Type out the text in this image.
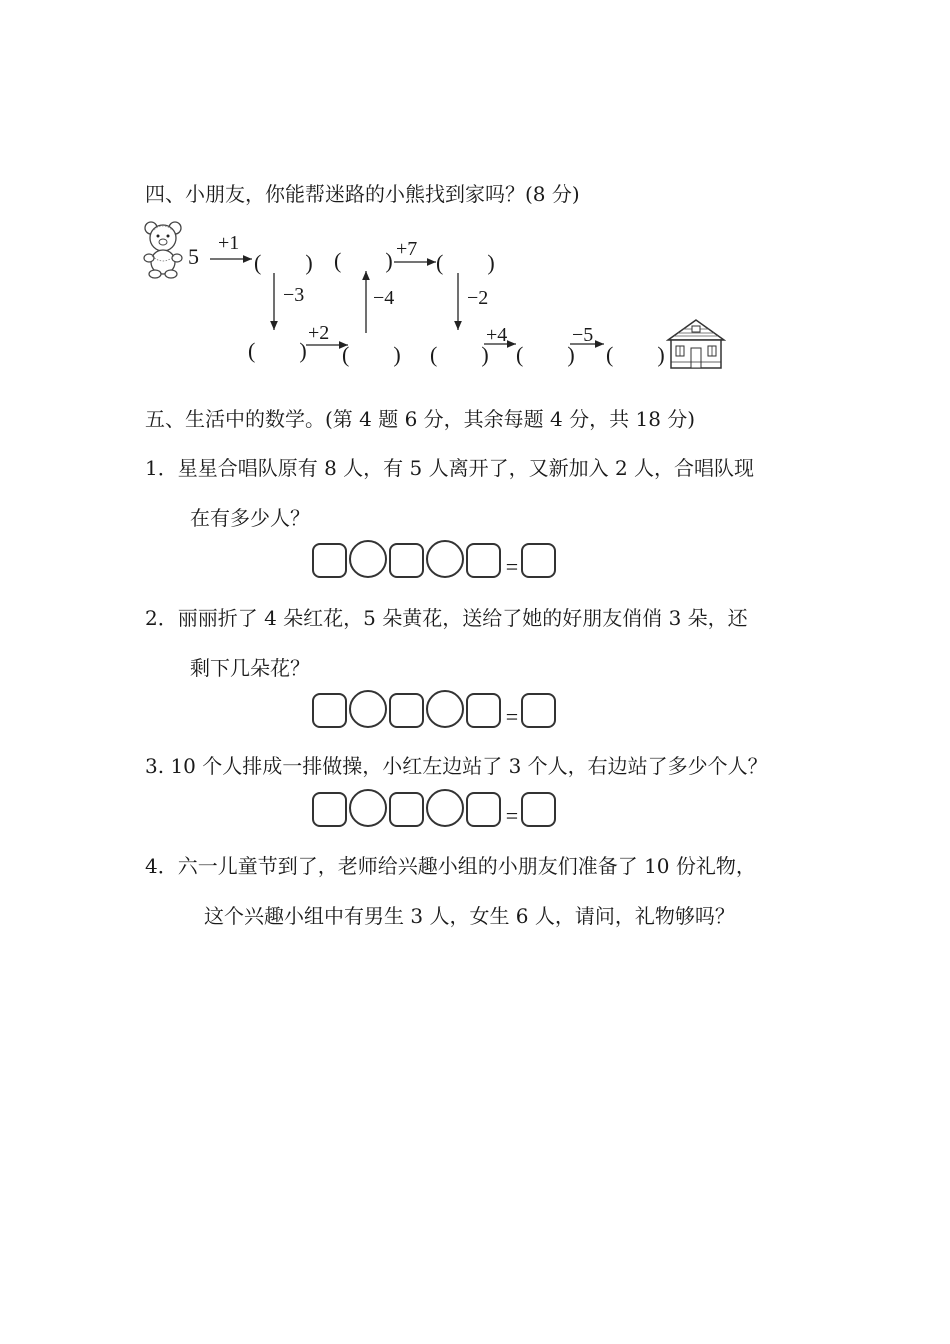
四、小朋友，你能帮迷路的小熊找到家吗？(8 分)
5
+1
(　　) (　　) +7
(　　)
−3	−4	−2
(　　)
+2
(　　) (　　)
+4
(　　)
−5
(　　)
五、生活中的数学。(第 4 题 6 分，其余每题 4 分，共 18 分)
1．星星合唱队原有 8 人，有 5 人离开了，又新加入 2 人，合唱队现
在有多少人？
=
2．丽丽折了 4 朵红花，5 朵黄花，送给了她的好朋友俏俏 3 朵，还
剩下几朵花？
=
3. 10 个人排成一排做操，小红左边站了 3 个人，右边站了多少个人？
=
4．六一儿童节到了，老师给兴趣小组的小朋友们准备了 10 份礼物，
这个兴趣小组中有男生 3 人，女生 6 人，请问，礼物够吗？
